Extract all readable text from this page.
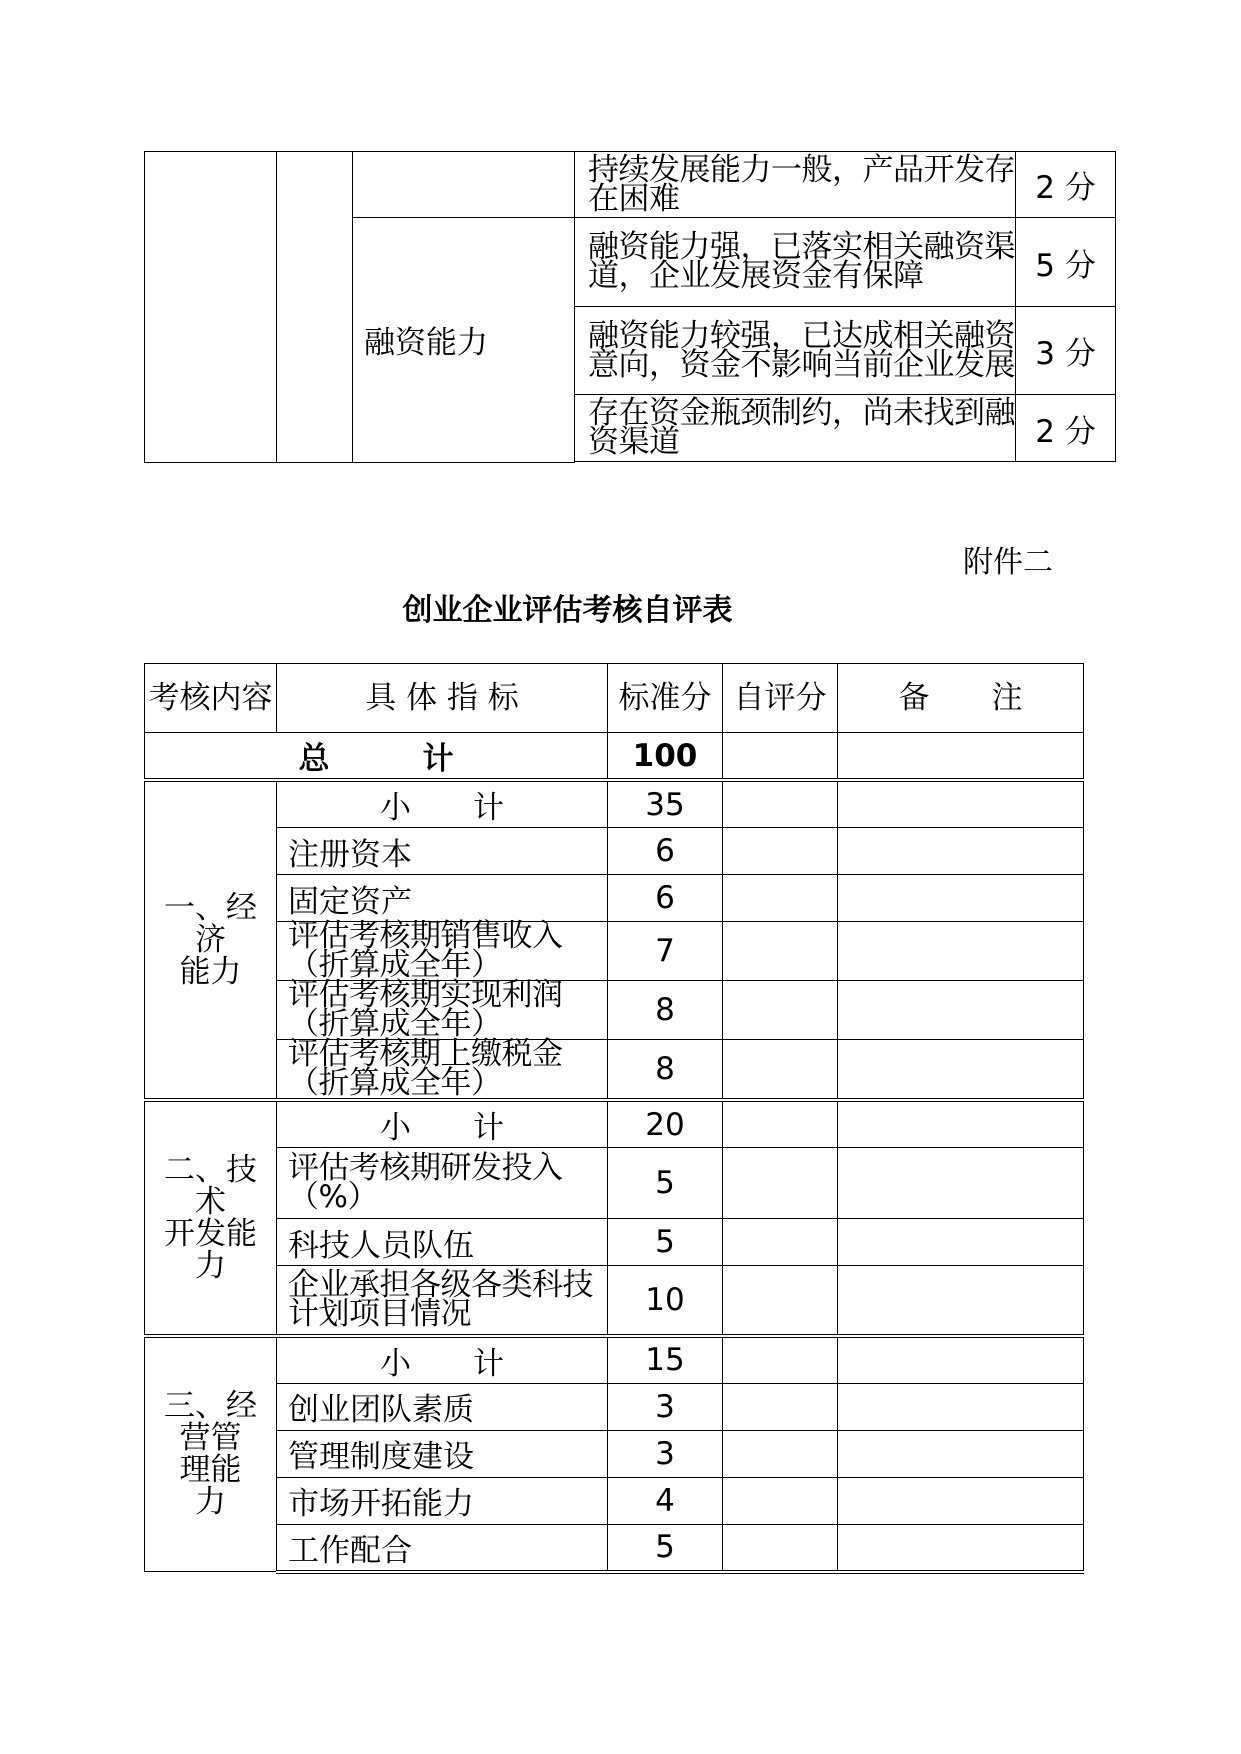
			持续发展能力一般，产品开发存在困难	2 分
		融资能力	融资能力强，已落实相关融资渠道，企业发展资金有保障	5 分
			融资能力较强，已达成相关融资意向，资金不影响当前企业发展	3 分
			存在资金瓶颈制约，尚未找到融资渠道	2 分

附件二
创业企业评估考核自评表
考核内容	具 体 指 标	标准分	自评分	备　　注
总　　　计		100		
一、经
济
能力	小　　计	35		
	注册资本	6		
	固定资产	6		
	评估考核期销售收入（折算成全年）	7		
	评估考核期实现利润（折算成全年）	8		
	评估考核期上缴税金（折算成全年）	8		
二、技
术
开发能
力	小　　计	20		
	评估考核期研发投入（%）	5		
	科技人员队伍	5		
	企业承担各级各类科技计划项目情况	10		
三、经
营管
理能
力	小　　计	15		
	创业团队素质	3		
	管理制度建设	3		
	市场开拓能力	4		
	工作配合	5		
